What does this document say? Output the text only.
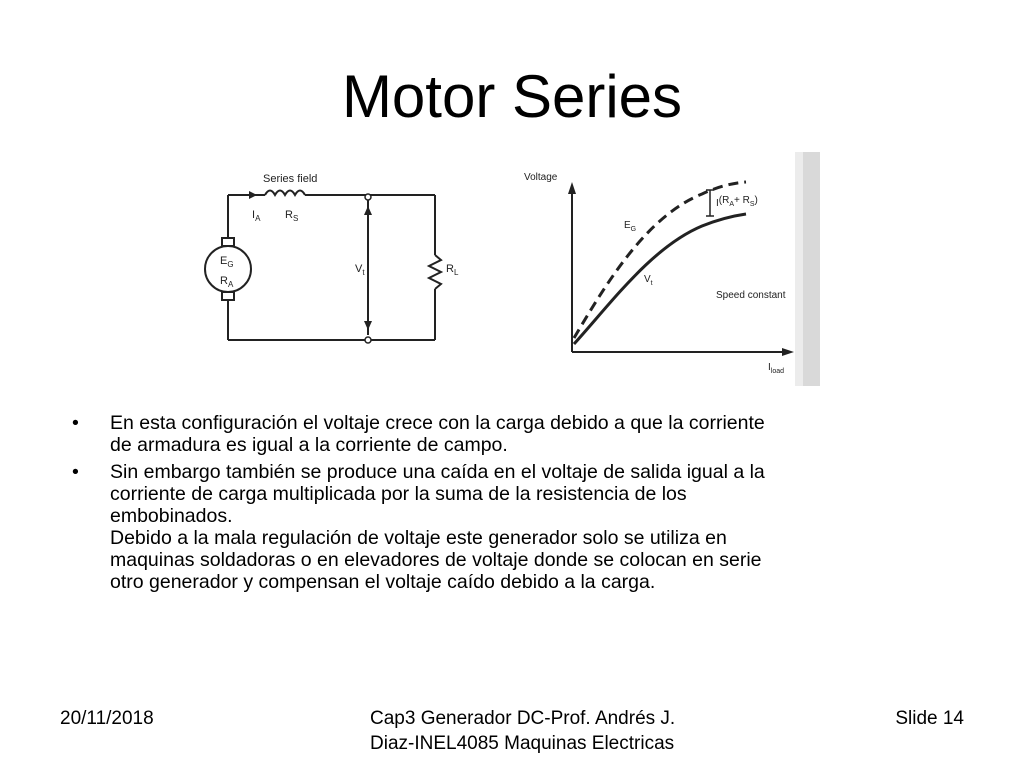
Motor Series
Series field
$I_A$ $R_S$
$E_G$
$R_A$
$V_t$	$R_L$
Voltage
$I_{load}$
$E_G$
$V_t$
$I(R_A+ R_S)$
Speed constant
• En esta configuración el voltaje crece con la carga debido a que la corriente
de armadura es igual a la corriente de campo.
• Sin embargo también se produce una caída en el voltaje de salida igual a la
corriente de carga multiplicada por la suma de la resistencia de los
embobinados.
Debido a la mala regulación de voltaje este generador solo se utiliza en
maquinas soldadoras o en elevadores de voltaje donde se colocan en serie
otro generador y compensan el voltaje caído debido a la carga.
20/11/2018	Cap3 Generador DC-Prof. Andrés J.
Diaz-INEL4085 Maquinas Electricas
Slide 14
